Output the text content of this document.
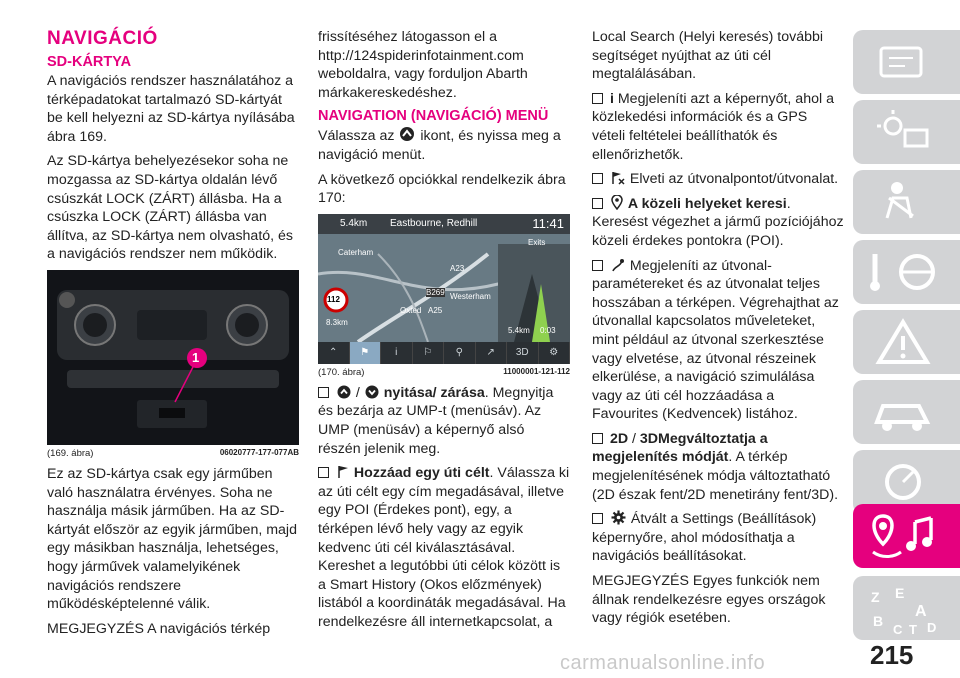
NAVIGÁCIÓ
SD-KÁRTYA

A navigációs rendszer használatához a térképadatokat tartalmazó SD-kártyát be kell helyezni az SD-kártya nyílásába ábra 169.

Az SD-kártya behelyezésekor soha ne mozgassa az SD-kártya oldalán lévő csúszkát LOCK (ZÁRT) állásba. Ha a csúszka LOCK (ZÁRT) állásba van állítva, az SD-kártya nem olvasható, és a navigációs rendszer nem működik.

1
(169. ábra)	06020777-177-077AB

Ez az SD-kártya csak egy járműben való használatra érvényes. Soha ne használja másik járműben. Ha az SD-kártyát először az egyik járműben, majd egy másikban használja, lehetséges, hogy járművek valamelyikének navigációs rendszere működésképtelenné válik.

MEGJEGYZÉS A navigációs térkép

frissítéséhez látogasson el a http://124spiderinfotainment.com weboldalra, vagy forduljon Abarth márkakereskedéshez.

NAVIGATION (NAVIGÁCIÓ) MENÜ

Válassza az ikont, és nyissa meg a navigáció menüt.

A következő opciókkal rendelkezik ábra 170:

5.4km Eastbourne, Redhill	11:41
Exits
Caterham
A23
B269 Westerham
Oxted A25
112
8.3km
5.4km 0:03
⌃	⚑	i	⚐	⚲	↗	3D	⚙
(170. ábra)	11000001-121-112

/ nyitása/ zárása. Megnyitja és bezárja az UMP-t (menüsáv). Az UMP (menüsáv) a képernyő alsó részén jelenik meg.

Hozzáad egy úti célt. Válassza ki az úti célt egy cím megadásával, illetve egy POI (Érdekes pont), egy, a térképen lévő hely vagy az egyik kedvenc úti cél kiválasztásával. Kereshet a legutóbbi úti célok között is a Smart History (Okos előzmények) listából a koordináták megadásával. Ha rendelkezésre áll internetkapcsolat, a

Local Search (Helyi keresés) további segítséget nyújthat az úti cél megtalálásában.

i Megjeleníti azt a képernyőt, ahol a közlekedési információk és a GPS vételi feltételei beállíthatók és ellenőrizhetők.

Elveti az útvonalpontot/útvonalat.

A közeli helyeket keresi. Keresést végezhet a jármű pozíciójához közeli érdekes pontokra (POI).

Megjeleníti az útvonal-paramétereket és az útvonalat teljes hosszában a térképen. Végrehajthat az útvonallal kapcsolatos műveleteket, mint például az útvonal szerkesztése vagy elvetése, az útvonal részeinek elkerülése, a navigáció szimulálása vagy az úti cél hozzáadása a Favourites (Kedvencek) listához.

2D / 3DMegváltoztatja a megjelenítés módját. A térkép megjelenítésének módja változtatható (2D észak fent/2D menetirány fent/3D).

Átvált a Settings (Beállítások) képernyőre, ahol módosíthatja a navigációs beállításokat.

MEGJEGYZÉS Egyes funkciók nem állnak rendelkezésre egyes országok vagy régiók esetében.

Z E
A
B
C T D
215
carmanualsonline.info
